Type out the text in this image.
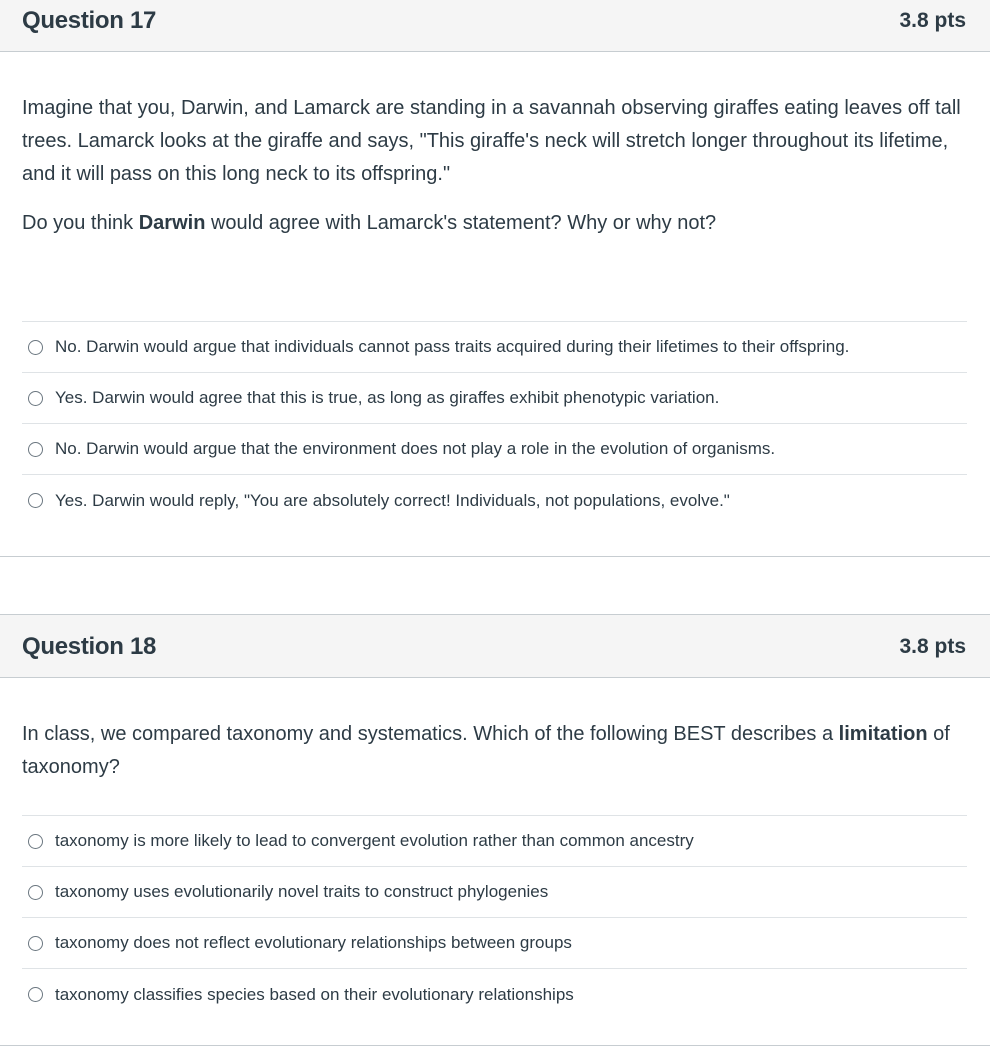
Question 17	3.8 pts

Imagine that you, Darwin, and Lamarck are standing in a savannah observing giraffes eating leaves off tall trees. Lamarck looks at the giraffe and says, "This giraffe's neck will stretch longer throughout its lifetime, and it will pass on this long neck to its offspring."

Do you think Darwin would agree with Lamarck's statement? Why or why not?

No. Darwin would argue that individuals cannot pass traits acquired during their lifetimes to their offspring.
Yes. Darwin would agree that this is true, as long as giraffes exhibit phenotypic variation.
No. Darwin would argue that the environment does not play a role in the evolution of organisms.
Yes. Darwin would reply, "You are absolutely correct! Individuals, not populations, evolve."
Question 18	3.8 pts

In class, we compared taxonomy and systematics. Which of the following BEST describes a limitation of taxonomy?

taxonomy is more likely to lead to convergent evolution rather than common ancestry
taxonomy uses evolutionarily novel traits to construct phylogenies
taxonomy does not reflect evolutionary relationships between groups
taxonomy classifies species based on their evolutionary relationships
